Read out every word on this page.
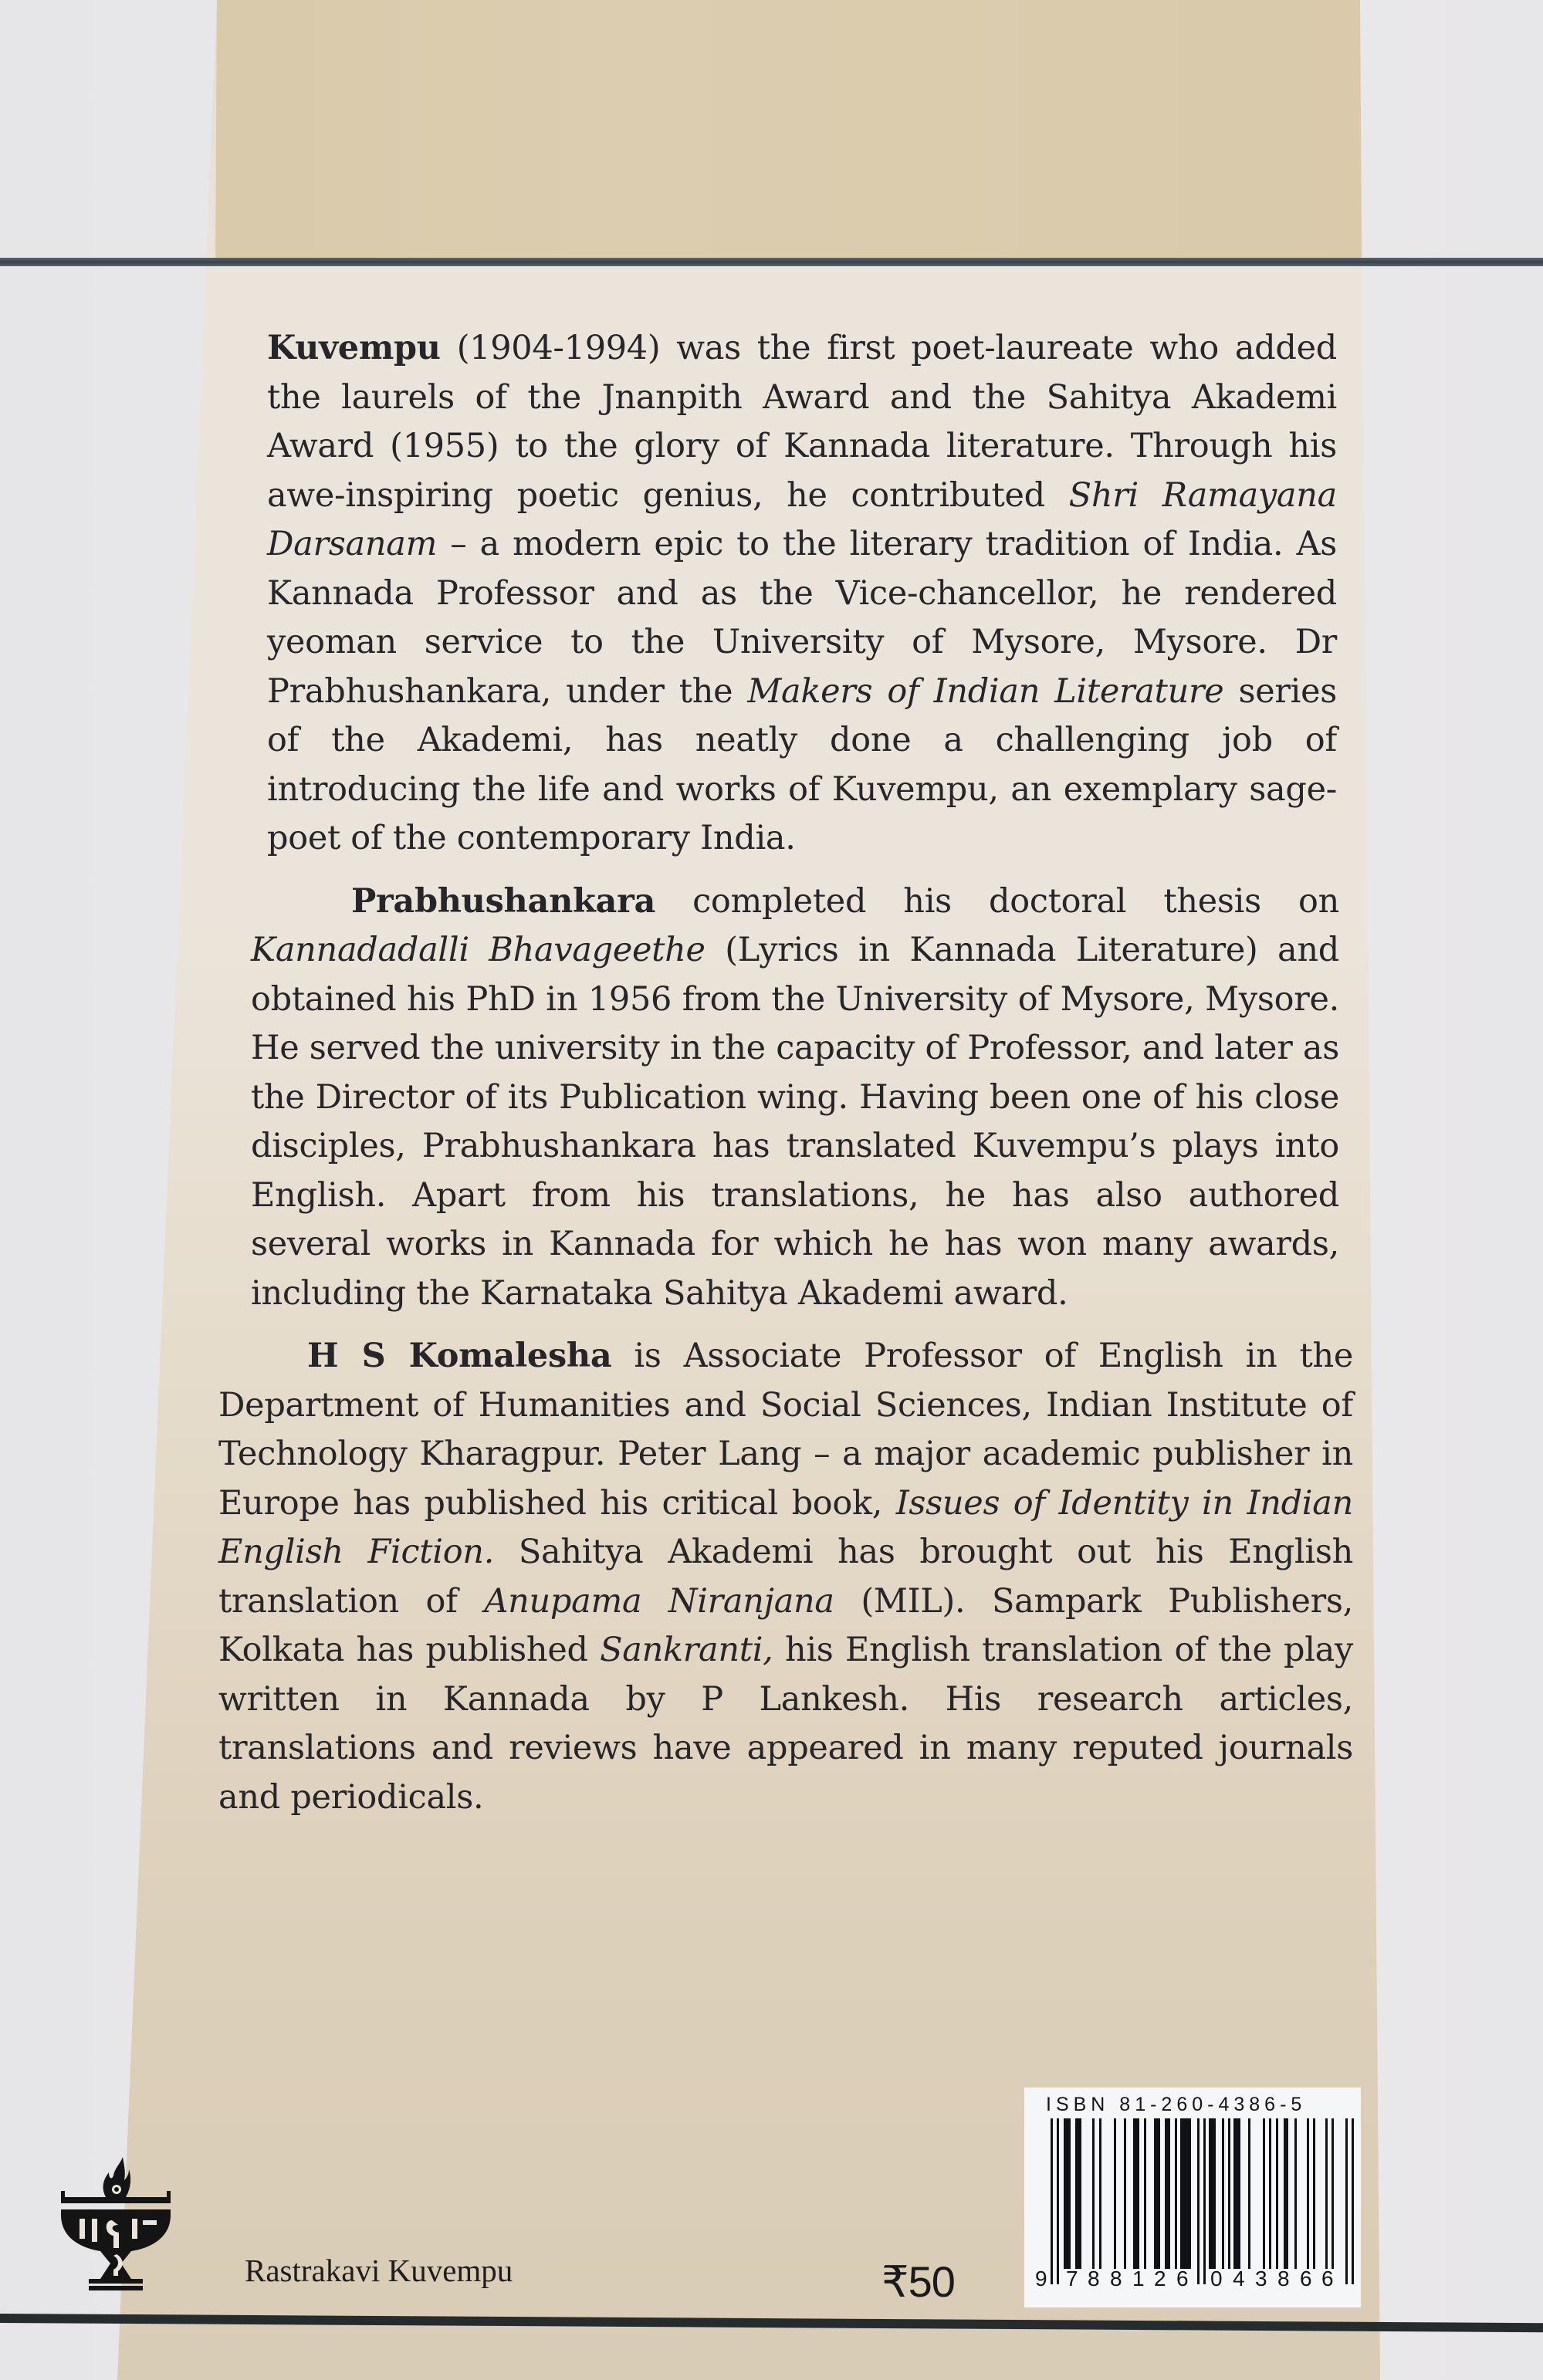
Kuvempu (1904-1994) was the first poet-laureate who added the laurels of the Jnanpith Award and the Sahitya Akademi Award (1955) to the glory of Kannada literature. Through his awe-inspiring poetic genius, he contributed Shri Ramayana Darsanam – a modern epic to the literary tradition of India. As Kannada Professor and as the Vice-chancellor, he rendered yeoman service to the University of Mysore, Mysore. Dr Prabhushankara, under the Makers of Indian Literature series of the Akademi, has neatly done a challenging job of introducing the life and works of Kuvempu, an exemplary sage-poet of the contemporary India.

Prabhushankara completed his doctoral thesis on Kannadadalli Bhavageethe (Lyrics in Kannada Literature) and obtained his PhD in 1956 from the University of Mysore, Mysore. He served the university in the capacity of Professor, and later as the Director of its Publication wing. Having been one of his close disciples, Prabhushankara has translated Kuvempu’s plays into English. Apart from his translations, he has also authored several works in Kannada for which he has won many awards, including the Karnataka Sahitya Akademi award.

H S Komalesha is Associate Professor of English in the Department of Humanities and Social Sciences, Indian Institute of Technology Kharagpur. Peter Lang – a major academic publisher in Europe has published his critical book, Issues of Identity in Indian English Fiction. Sahitya Akademi has brought out his English translation of Anupama Niranjana (MIL). Sampark Publishers, Kolkata has published Sankranti, his English translation of the play written in Kannada by P Lankesh. His research articles, translations and reviews have appeared in many reputed journals and periodicals.

Rastrakavi Kuvempu	₹50
ISBN 81-260-4386-5
9 7 8 8 1 2 6 0 4 3 8 6 6
